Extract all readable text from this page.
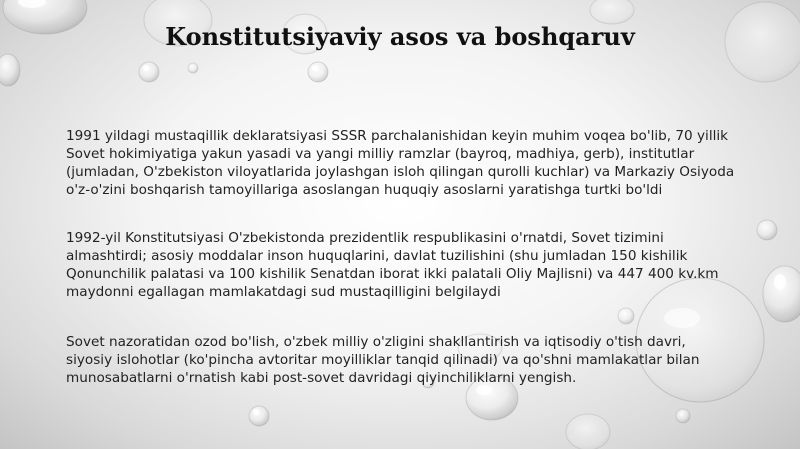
Konstitutsiyaviy asos va boshqaruv

1991 yildagi mustaqillik deklaratsiyasi SSSR parchalanishidan keyin muhim voqea bo'lib, 70 yillik Sovet hokimiyatiga yakun yasadi va yangi milliy ramzlar (bayroq, madhiya, gerb), institutlar (jumladan, O'zbekiston viloyatlarida joylashgan isloh qilingan qurolli kuchlar) va Markaziy Osiyoda o'z-o'zini boshqarish tamoyillariga asoslangan huquqiy asoslarni yaratishga turtki bo'ldi

1992-yil Konstitutsiyasi O'zbekistonda prezidentlik respublikasini o'rnatdi, Sovet tizimini almashtirdi; asosiy moddalar inson huquqlarini, davlat tuzilishini (shu jumladan 150 kishilik Qonunchilik palatasi va 100 kishilik Senatdan iborat ikki palatali Oliy Majlisni) va 447 400 kv.km maydonni egallagan mamlakatdagi sud mustaqilligini belgilaydi

Sovet nazoratidan ozod bo'lish, o'zbek milliy o'zligini shakllantirish va iqtisodiy o'tish davri, siyosiy islohotlar (ko'pincha avtoritar moyilliklar tanqid qilinadi) va qo'shni mamlakatlar bilan munosabatlarni o'rnatish kabi post-sovet davridagi qiyinchiliklarni yengish.
